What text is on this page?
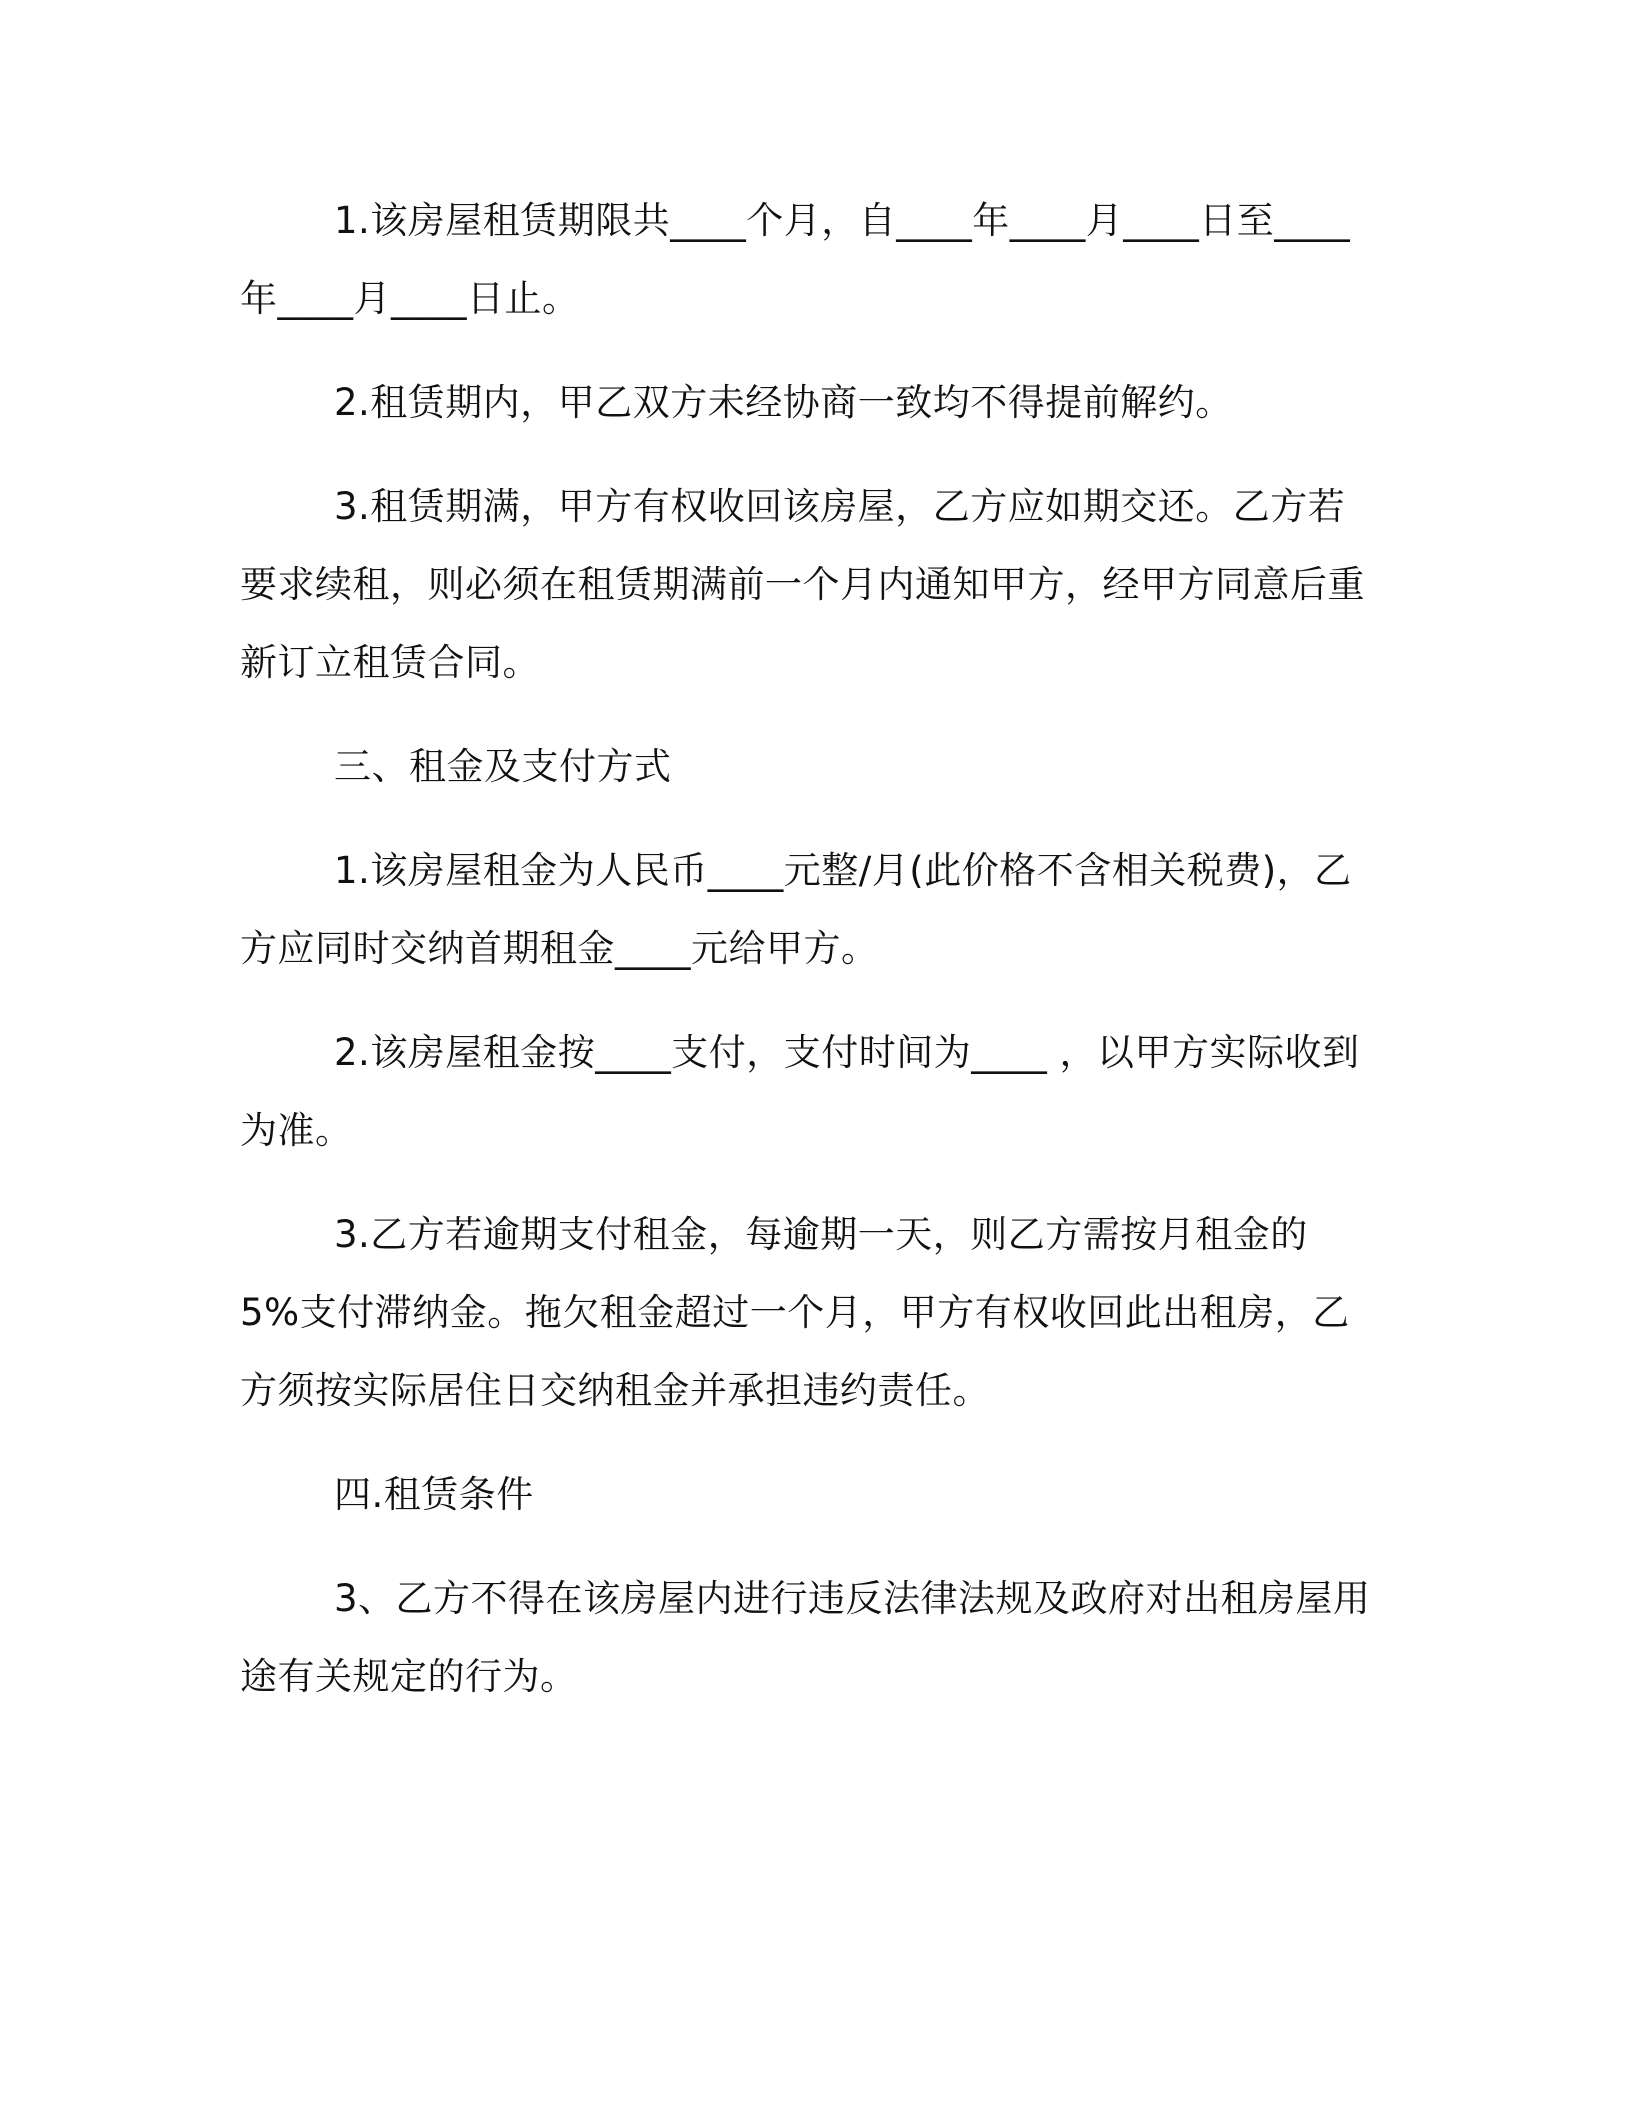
1.该房屋租赁期限共____个月，自____年____月____日至____年____月____日止。

2.租赁期内，甲乙双方未经协商一致均不得提前解约。

3.租赁期满，甲方有权收回该房屋，乙方应如期交还。乙方若要求续租，则必须在租赁期满前一个月内通知甲方，经甲方同意后重新订立租赁合同。

三、租金及支付方式

1.该房屋租金为人民币____元整/月(此价格不含相关税费)，乙方应同时交纳首期租金____元给甲方。

2.该房屋租金按____支付，支付时间为____ ，以甲方实际收到为准。

3.乙方若逾期支付租金，每逾期一天，则乙方需按月租金的 5%支付滞纳金。拖欠租金超过一个月，甲方有权收回此出租房，乙方须按实际居住日交纳租金并承担违约责任。

四.租赁条件

3、乙方不得在该房屋内进行违反法律法规及政府对出租房屋用途有关规定的行为。
